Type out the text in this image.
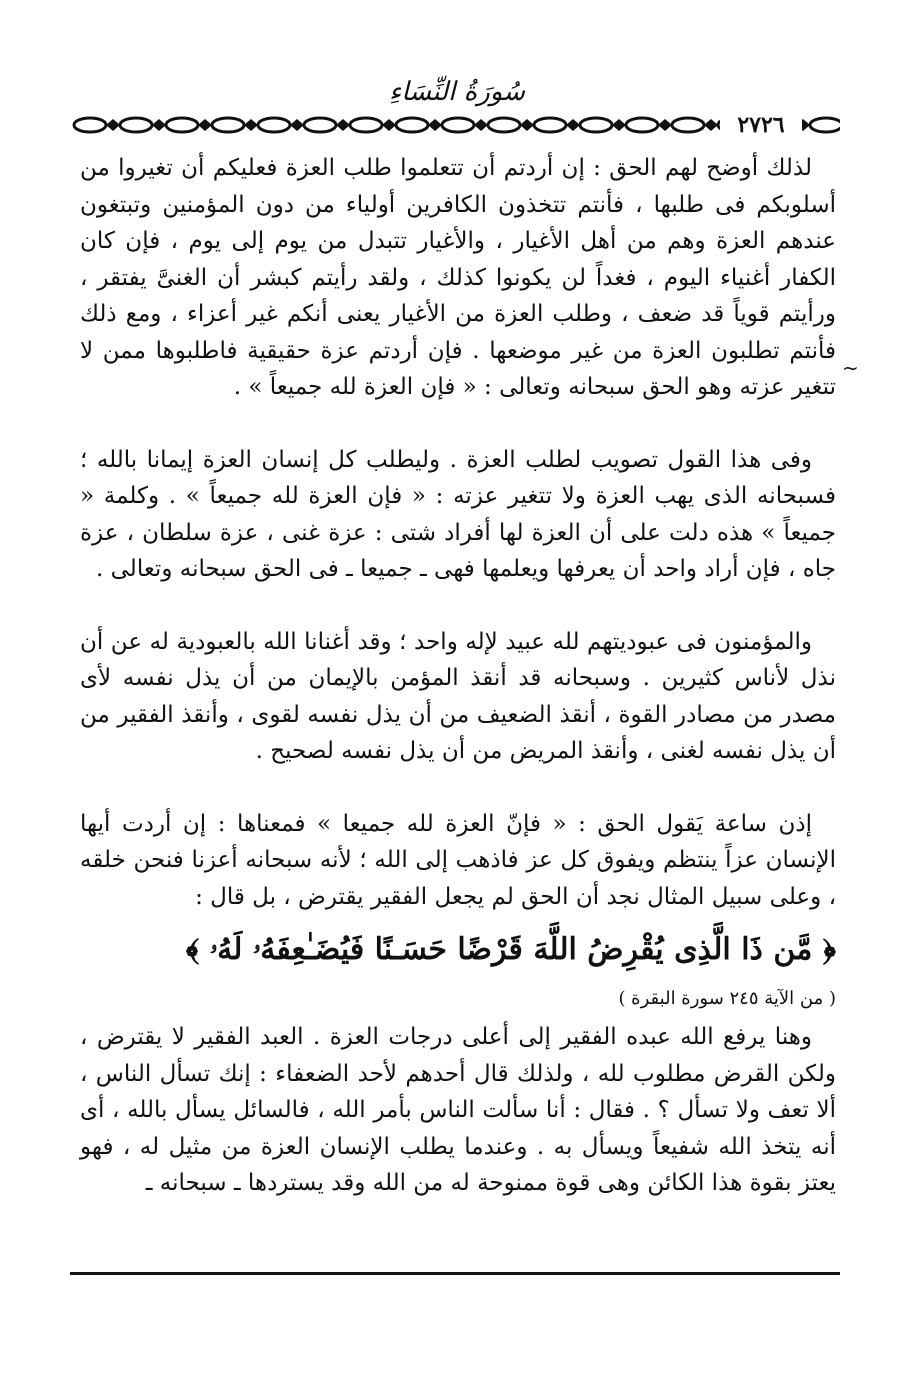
سُورَةُ النِّسَاءِ
٢٧٢٦
~

لذلك أوضح لهم الحق : إن أردتم أن تتعلموا طلب العزة فعليكم أن تغيروا من أسلوبكم فى طلبها ، فأنتم تتخذون الكافرين أولياء من دون المؤمنين وتبتغون عندهم العزة وهم من أهل الأغيار ، والأغيار تتبدل من يوم إلى يوم ، فإن كان الكفار أغنياء اليوم ، فغداً لن يكونوا كذلك ، ولقد رأيتم كبشر أن الغنىَّ يفتقر ، ورأيتم قوياً قد ضعف ، وطلب العزة من الأغيار يعنى أنكم غير أعزاء ، ومع ذلك فأنتم تطلبون العزة من غير موضعها . فإن أردتم عزة حقيقية فاطلبوها ممن لا تتغير عزته وهو الحق سبحانه وتعالى : « فإن العزة لله جميعاً » .

وفى هذا القول تصويب لطلب العزة . وليطلب كل إنسان العزة إيمانا بالله ؛ فسبحانه الذى يهب العزة ولا تتغير عزته : « فإن العزة لله جميعاً » . وكلمة « جميعاً » هذه دلت على أن العزة لها أفراد شتى : عزة غنى ، عزة سلطان ، عزة جاه ، فإن أراد واحد أن يعرفها ويعلمها فهى ـ جميعا ـ فى الحق سبحانه وتعالى .

والمؤمنون فى عبوديتهم لله عبيد لإله واحد ؛ وقد أغنانا الله بالعبودية له عن أن نذل لأناس كثيرين . وسبحانه قد أنقذ المؤمن بالإيمان من أن يذل نفسه لأى مصدر من مصادر القوة ، أنقذ الضعيف من أن يذل نفسه لقوى ، وأنقذ الفقير من أن يذل نفسه لغنى ، وأنقذ المريض من أن يذل نفسه لصحيح .

إذن ساعة يَقول الحق : « فإنّ العزة لله جميعا » فمعناها : إن أردت أيها الإنسان عزاً ينتظم ويفوق كل عز فاذهب إلى الله ؛ لأنه سبحانه أعزنا فنحن خلقه ، وعلى سبيل المثال نجد أن الحق لم يجعل الفقير يقترض ، بل قال :

﴿ مَّن ذَا الَّذِى يُقْرِضُ اللَّهَ قَرْضًا حَسَـنًا فَيُضَـٰعِفَهُۥ لَهُۥ ﴾
( من الآية ٢٤٥ سورة البقرة )

وهنا يرفع الله عبده الفقير إلى أعلى درجات العزة . العبد الفقير لا يقترض ، ولكن القرض مطلوب لله ، ولذلك قال أحدهم لأحد الضعفاء : إنك تسأل الناس ، ألا تعف ولا تسأل ؟ . فقال : أنا سألت الناس بأمر الله ، فالسائل يسأل بالله ، أى أنه يتخذ الله شفيعاً ويسأل به . وعندما يطلب الإنسان العزة من مثيل له ، فهو يعتز بقوة هذا الكائن وهى قوة ممنوحة له من الله وقد يستردها ـ سبحانه ـ
